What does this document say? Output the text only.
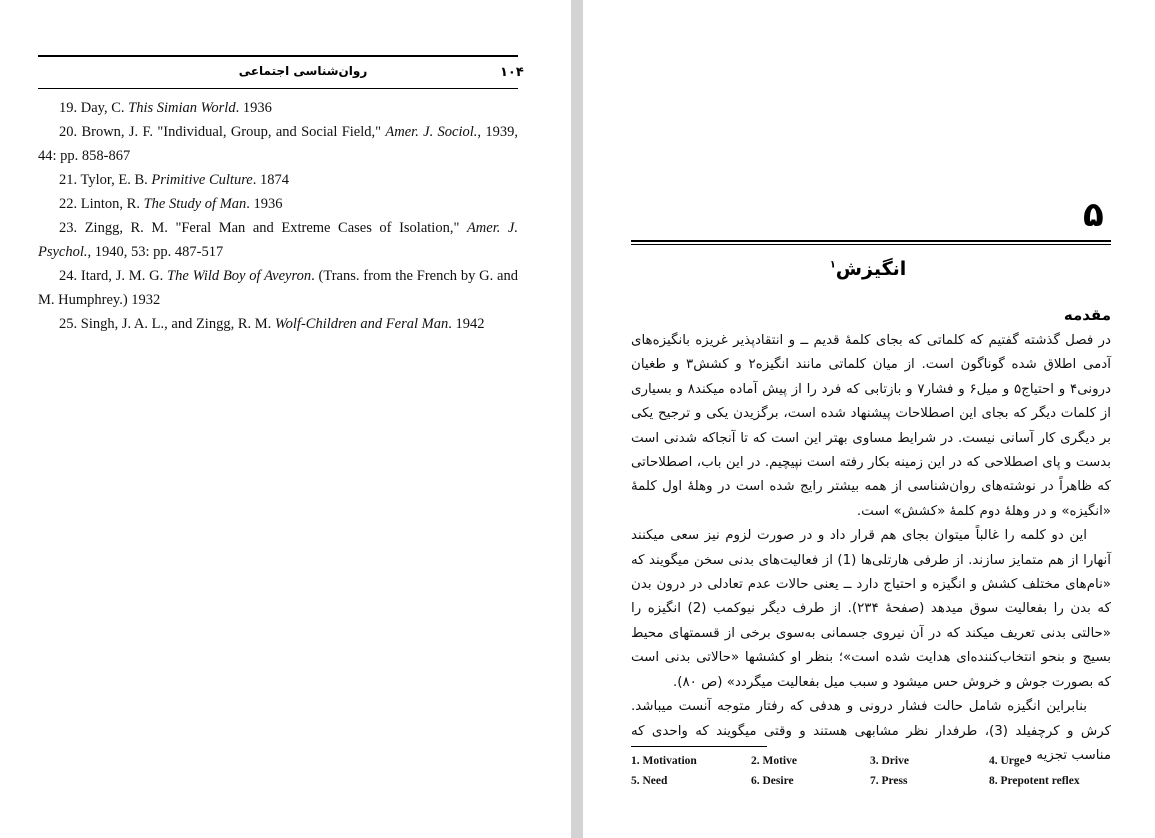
۱۰۴
روان‌شناسی اجتماعی
19. Day, C. This Simian World. 1936
20. Brown, J. F. "Individual, Group, and Social Field," Amer. J. Sociol., 1939, 44: pp. 858-867
21. Tylor, E. B. Primitive Culture. 1874
22. Linton, R. The Study of Man. 1936
23. Zingg, R. M. "Feral Man and Extreme Cases of Isolation," Amer. J. Psychol., 1940, 53: pp. 487-517
24. Itard, J. M. G. The Wild Boy of Aveyron. (Trans. from the French by G. and M. Humphrey.) 1932
25. Singh, J. A. L., and Zingg, R. M. Wolf-Children and Feral Man. 1942
۵
انگیزش$^۱$
مقدمه

در فصل گذشته گفتیم که کلماتی که بجای کلمهٔ قدیم ــ و انتقادپذیر غریزه بانگیزه‌های آدمی اطلاق شده گوناگون است. از میان کلماتی مانند انگیزه۲ و کشش۳ و طغیان درونی۴ و احتیاج۵ و میل۶ و فشار۷ و بازتابی که فرد را از پیش آماده میکند۸ و بسیاری از کلمات دیگر که بجای این اصطلاحات پیشنهاد شده است، برگزیدن یکی و ترجیح یکی بر دیگری کار آسانی نیست. در شرایط مساوی بهتر این است که تا آنجاکه شدنی است بدست و پای اصطلاحی که در این زمینه بکار رفته است نپیچیم. در این باب، اصطلاحاتی که ظاهراً در نوشته‌های روان‌شناسی از همه بیشتر رایج شده است در وهلهٔ اول کلمهٔ «انگیزه» و در وهلهٔ دوم کلمهٔ «کشش» است.

این دو کلمه را غالباً میتوان بجای هم قرار داد و در صورت لزوم نیز سعی میکنند آنهارا از هم متمایز سازند. از طرفی هارتلی‌ها (1) از فعالیت‌های بدنی سخن میگویند که «نام‌های مختلف کشش و انگیزه و احتیاج دارد ــ یعنی حالات عدم تعادلی در درون بدن که بدن را بفعالیت سوق میدهد (صفحهٔ ۲۳۴). از طرف دیگر نیوکمب (2) انگیزه را «حالتی بدنی تعریف میکند که در آن نیروی جسمانی به‌سوی برخی از قسمتهای محیط بسیج و بنحو انتخاب‌کننده‌ای هدایت شده است»؛ بنظر او کششها «حالاتی بدنی است که بصورت جوش و خروش حس میشود و سبب میل بفعالیت میگردد» (ص ۸۰).

بنابراین انگیزه شامل حالت فشار درونی و هدفی که رفتار متوجه آنست میباشد. کرش و کرچفیلد (3)، طرفدار نظر مشابهی هستند و وقتی میگویند که واحدی که مناسب تجزیه و

1. Motivation	2. Motive	3. Drive	4. Urge
5. Need	6. Desire	7. Press	8. Prepotent reflex
